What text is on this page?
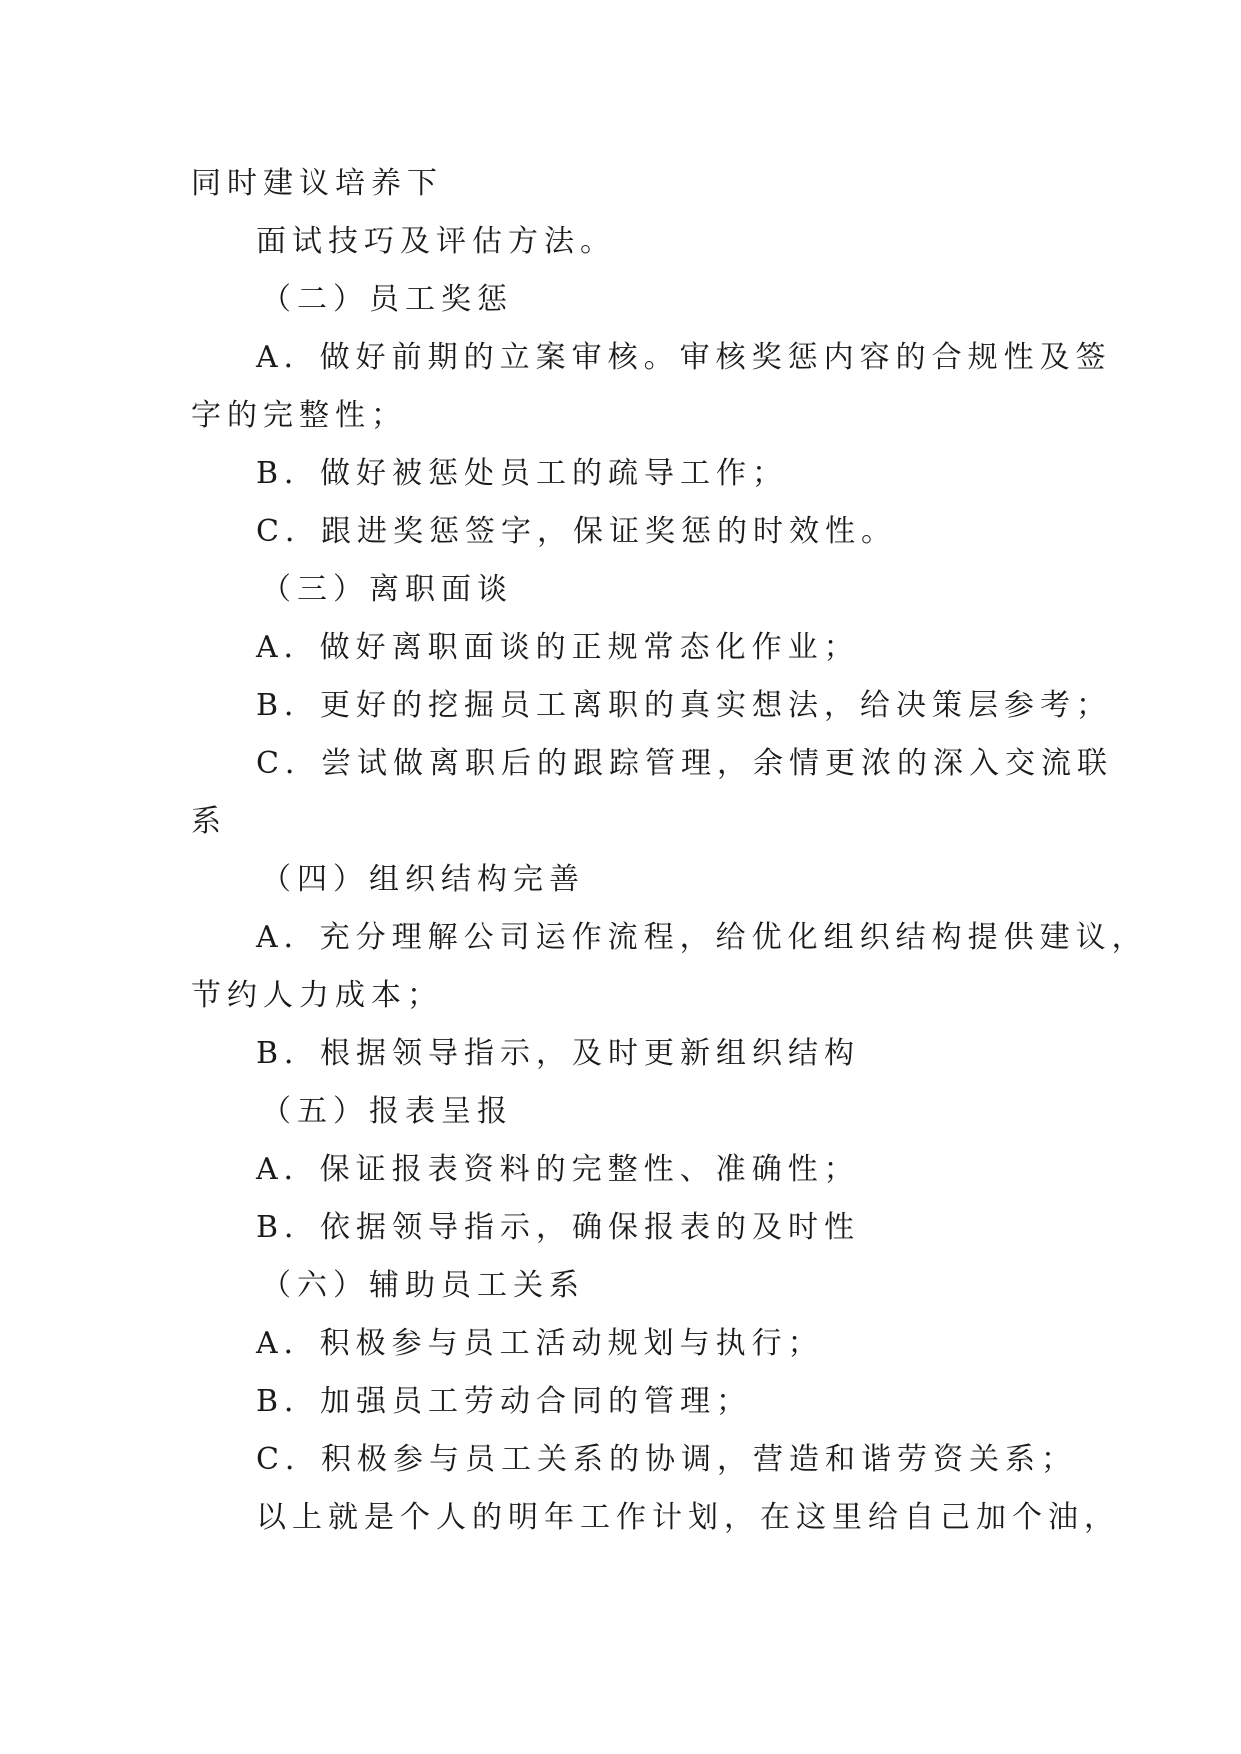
同时建议培养下
面试技巧及评估方法。
（二）员工奖惩
A．做好前期的立案审核。审核奖惩内容的合规性及签
字的完整性；
B．做好被惩处员工的疏导工作；
C．跟进奖惩签字，保证奖惩的时效性。
（三）离职面谈
A．做好离职面谈的正规常态化作业；
B．更好的挖掘员工离职的真实想法，给决策层参考；
C．尝试做离职后的跟踪管理，余情更浓的深入交流联
系
（四）组织结构完善
A．充分理解公司运作流程，给优化组织结构提供建议，
节约人力成本；
B．根据领导指示，及时更新组织结构
（五）报表呈报
A．保证报表资料的完整性、准确性；
B．依据领导指示，确保报表的及时性
（六）辅助员工关系
A．积极参与员工活动规划与执行；
B．加强员工劳动合同的管理；
C．积极参与员工关系的协调，营造和谐劳资关系；
以上就是个人的明年工作计划，在这里给自己加个油，
